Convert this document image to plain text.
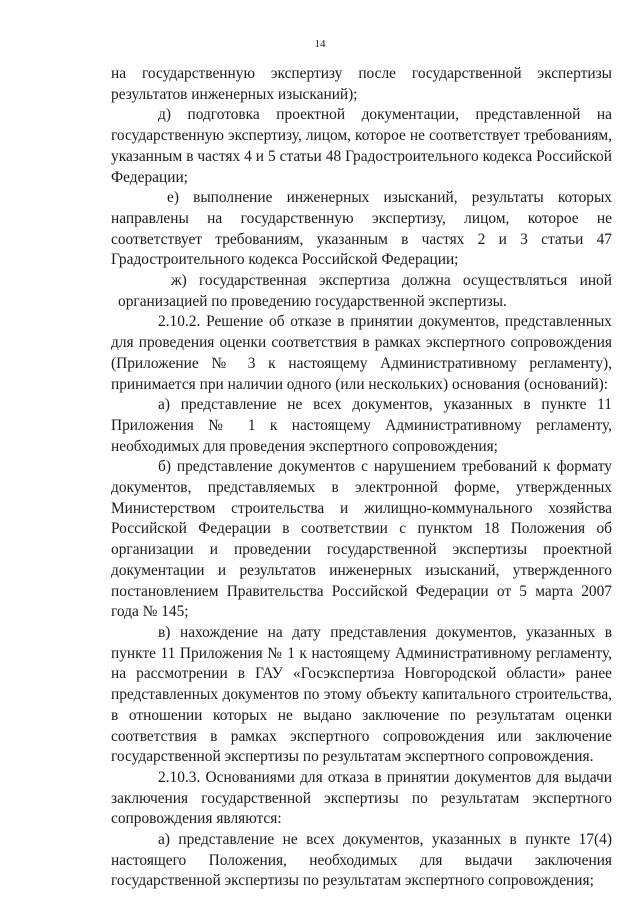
14

на государственную экспертизу после государственной экспертизы результатов инженерных изысканий);

д) подготовка проектной документации, представленной на государственную экспертизу, лицом, которое не соответствует требованиям, указанным в частях 4 и 5 статьи 48 Градостроительного кодекса Российской Федерации;

е) выполнение инженерных изысканий, результаты которых направлены на государственную экспертизу, лицом, которое не соответствует требованиям, указанным в частях 2 и 3 статьи 47 Градостроительного кодекса Российской Федерации;

ж) государственная экспертиза должна осуществляться иной организацией по проведению государственной экспертизы.

2.10.2. Решение об отказе в принятии документов, представленных для проведения оценки соответствия в рамках экспертного сопровождения (Приложение № 3 к настоящему Административному регламенту), принимается при наличии одного (или нескольких) основания (оснований):

а) представление не всех документов, указанных в пункте 11 Приложения № 1 к настоящему Административному регламенту, необходимых для проведения экспертного сопровождения;

б) представление документов с нарушением требований к формату документов, представляемых в электронной форме, утвержденных Министерством строительства и жилищно-коммунального хозяйства Российской Федерации в соответствии с пунктом 18 Положения об организации и проведении государственной экспертизы проектной документации и результатов инженерных изысканий, утвержденного постановлением Правительства Российской Федерации от 5 марта 2007 года № 145;

в) нахождение на дату представления документов, указанных в пункте 11 Приложения № 1 к настоящему Административному регламенту, на рассмотрении в ГАУ «Госэкспертиза Новгородской области» ранее представленных документов по этому объекту капитального строительства, в отношении которых не выдано заключение по результатам оценки соответствия в рамках экспертного сопровождения или заключение государственной экспертизы по результатам экспертного сопровождения.

2.10.3. Основаниями для отказа в принятии документов для выдачи заключения государственной экспертизы по результатам экспертного сопровождения являются:

а) представление не всех документов, указанных в пункте 17(4) настоящего Положения, необходимых для выдачи заключения государственной экспертизы по результатам экспертного сопровождения;
